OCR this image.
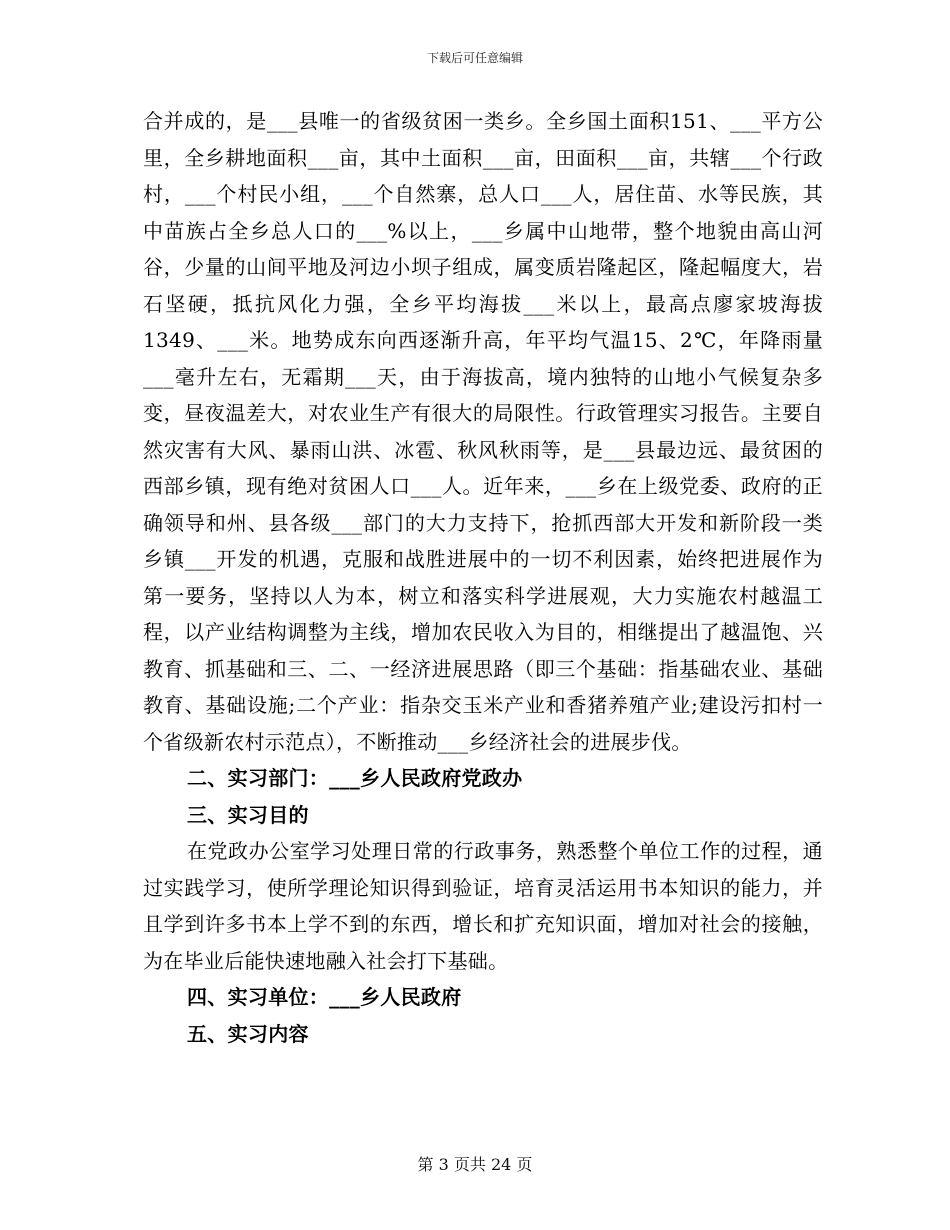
下载后可任意编辑

合并成的，是___县唯一的省级贫困一类乡。全乡国土面积151、___平方公里，全乡耕地面积___亩，其中土面积___亩，田面积___亩，共辖___个行政村，___个村民小组，___个自然寨，总人口___人，居住苗、水等民族，其中苗族占全乡总人口的___%以上，___乡属中山地带，整个地貌由高山河谷，少量的山间平地及河边小坝子组成，属变质岩隆起区，隆起幅度大，岩石坚硬，抵抗风化力强，全乡平均海拔___米以上，最高点廖家坡海拔1349、___米。地势成东向西逐渐升高，年平均气温15、2℃，年降雨量___毫升左右，无霜期___天，由于海拔高，境内独特的山地小气候复杂多变，昼夜温差大，对农业生产有很大的局限性。行政管理实习报告。主要自然灾害有大风、暴雨山洪、冰雹、秋风秋雨等，是___县最边远、最贫困的西部乡镇，现有绝对贫困人口___人。近年来，___乡在上级党委、政府的正确领导和州、县各级___部门的大力支持下，抢抓西部大开发和新阶段一类乡镇___开发的机遇，克服和战胜进展中的一切不利因素，始终把进展作为第一要务，坚持以人为本，树立和落实科学进展观，大力实施农村越温工程，以产业结构调整为主线，增加农民收入为目的，相继提出了越温饱、兴教育、抓基础和三、二、一经济进展思路（即三个基础：指基础农业、基础教育、基础设施;二个产业：指杂交玉米产业和香猪养殖产业;建设污扣村一个省级新农村示范点），不断推动___乡经济社会的进展步伐。

二、实习部门：___乡人民政府党政办

三、实习目的

在党政办公室学习处理日常的行政事务，熟悉整个单位工作的过程，通过实践学习，使所学理论知识得到验证，培育灵活运用书本知识的能力，并且学到许多书本上学不到的东西，增长和扩充知识面，增加对社会的接触，为在毕业后能快速地融入社会打下基础。

四、实习单位：___乡人民政府

五、实习内容

第 3 页共 24 页
